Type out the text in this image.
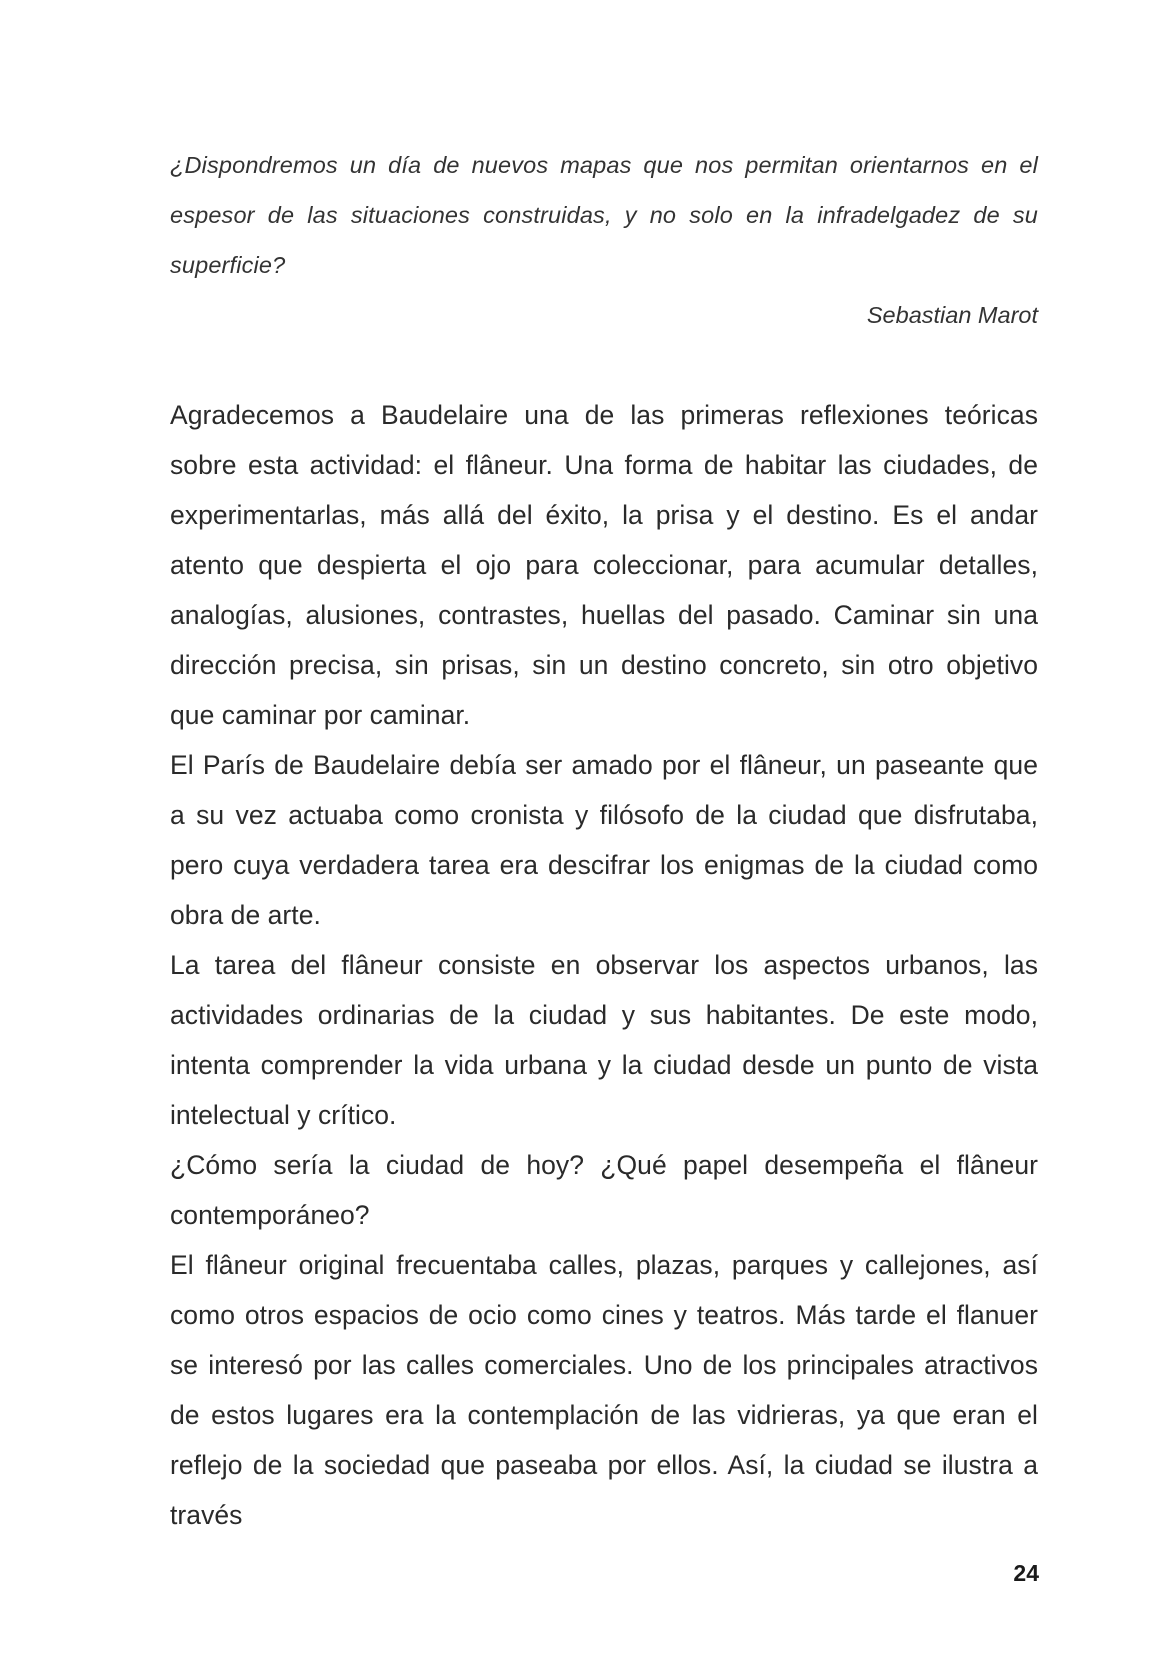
¿Dispondremos un día de nuevos mapas que nos permitan orientarnos en el espesor de las situaciones construidas, y no solo en la infradelgadez de su superficie?

Sebastian Marot

Agradecemos a Baudelaire una de las primeras reflexiones teóricas sobre esta actividad: el flâneur. Una forma de habitar las ciudades, de experimentarlas, más allá del éxito, la prisa y el destino. Es el andar atento que despierta el ojo para coleccionar, para acumular detalles, analogías, alusiones, contrastes, huellas del pasado. Caminar sin una dirección precisa, sin prisas, sin un destino concreto, sin otro objetivo que caminar por caminar.

El París de Baudelaire debía ser amado por el flâneur, un paseante que a su vez actuaba como cronista y filósofo de la ciudad que disfrutaba, pero cuya verdadera tarea era descifrar los enigmas de la ciudad como obra de arte.

La tarea del flâneur consiste en observar los aspectos urbanos, las actividades ordinarias de la ciudad y sus habitantes. De este modo, intenta comprender la vida urbana y la ciudad desde un punto de vista intelectual y crítico.

¿Cómo sería la ciudad de hoy? ¿Qué papel desempeña el flâneur contemporáneo?

El flâneur original frecuentaba calles, plazas, parques y callejones, así como otros espacios de ocio como cines y teatros. Más tarde el flanuer se interesó por las calles comerciales. Uno de los principales atractivos de estos lugares era la contemplación de las vidrieras, ya que eran el reflejo de la sociedad que paseaba por ellos. Así, la ciudad se ilustra a través

24
